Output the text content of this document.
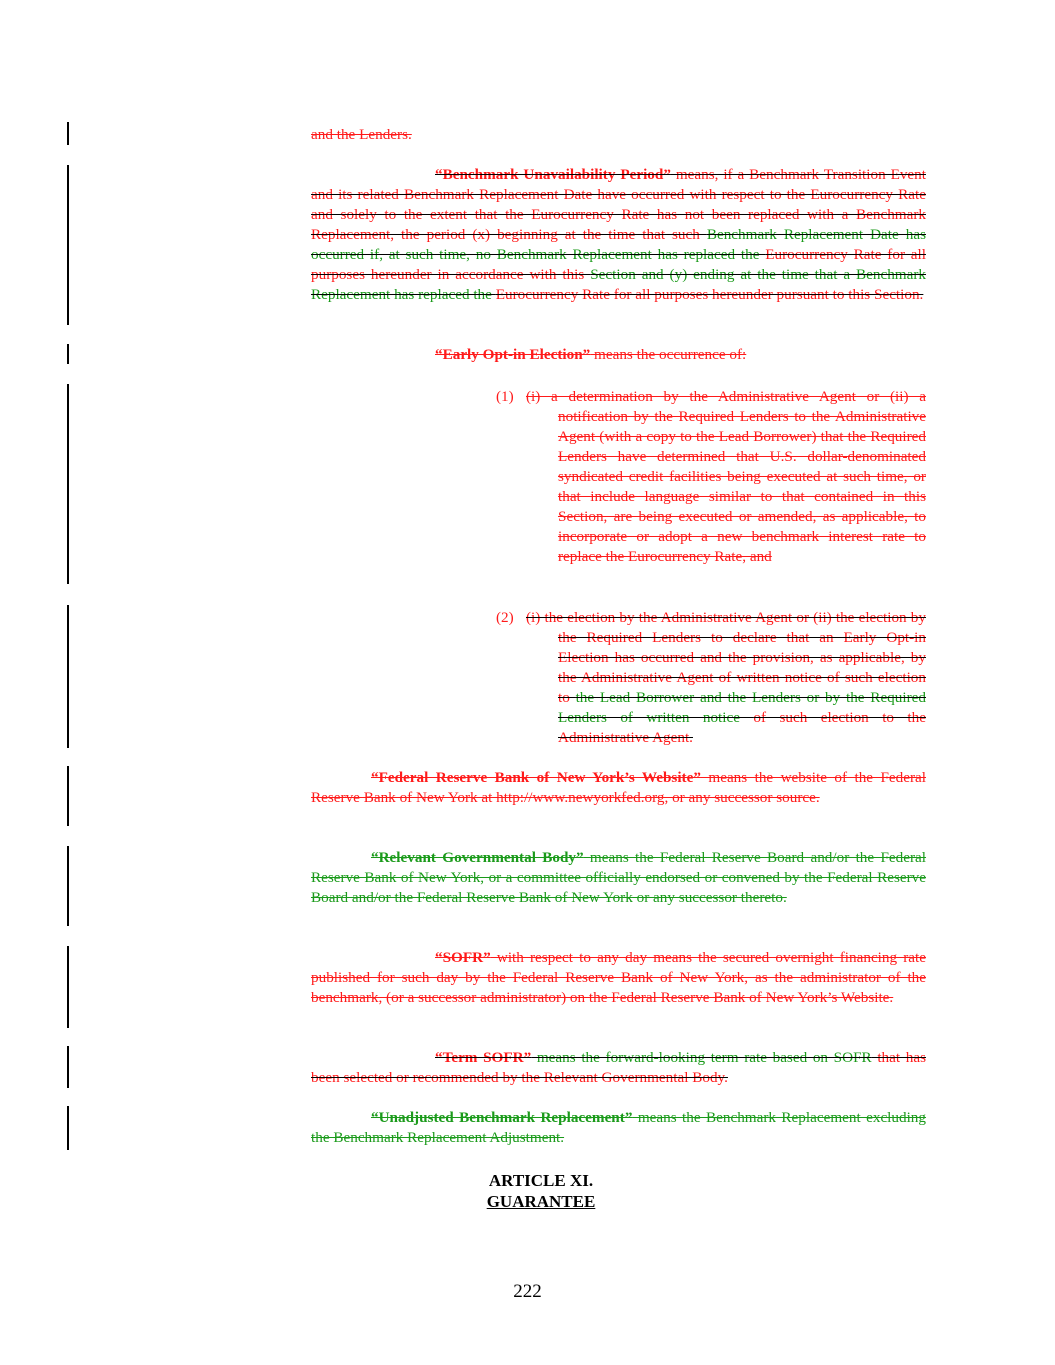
and the Lenders.
“Benchmark Unavailability Period” means, if a Benchmark Transition Event and its related Benchmark Replacement Date have occurred with respect to the Eurocurrency Rate and solely to the extent that the Eurocurrency Rate has not been replaced with a Benchmark Replacement, the period (x) beginning at the time that such Benchmark Replacement Date has occurred if, at such time, no Benchmark Replacement has replaced the Eurocurrency Rate for all purposes hereunder in accordance with this Section and (y) ending at the time that a Benchmark Replacement has replaced the Eurocurrency Rate for all purposes hereunder pursuant to this Section.
“Early Opt-in Election” means the occurrence of:
(1) (i) a determination by the Administrative Agent or (ii) a notification by the Required Lenders to the Administrative Agent (with a copy to the Lead Borrower) that the Required Lenders have determined that U.S. dollar-denominated syndicated credit facilities being executed at such time, or that include language similar to that contained in this Section, are being executed or amended, as applicable, to incorporate or adopt a new benchmark interest rate to replace the Eurocurrency Rate, and
(2) (i) the election by the Administrative Agent or (ii) the election by the Required Lenders to declare that an Early Opt-in Election has occurred and the provision, as applicable, by the Administrative Agent of written notice of such election to the Lead Borrower and the Lenders or by the Required Lenders of written notice of such election to the Administrative Agent.
“Federal Reserve Bank of New York’s Website” means the website of the Federal Reserve Bank of New York at http://www.newyorkfed.org, or any successor source.
“Relevant Governmental Body” means the Federal Reserve Board and/or the Federal Reserve Bank of New York, or a committee officially endorsed or convened by the Federal Reserve Board and/or the Federal Reserve Bank of New York or any successor thereto.
“SOFR” with respect to any day means the secured overnight financing rate published for such day by the Federal Reserve Bank of New York, as the administrator of the benchmark, (or a successor administrator) on the Federal Reserve Bank of New York’s Website.
“Term SOFR” means the forward-looking term rate based on SOFR that has been selected or recommended by the Relevant Governmental Body.
“Unadjusted Benchmark Replacement” means the Benchmark Replacement excluding the Benchmark Replacement Adjustment.
ARTICLE XI.
GUARANTEE
222
